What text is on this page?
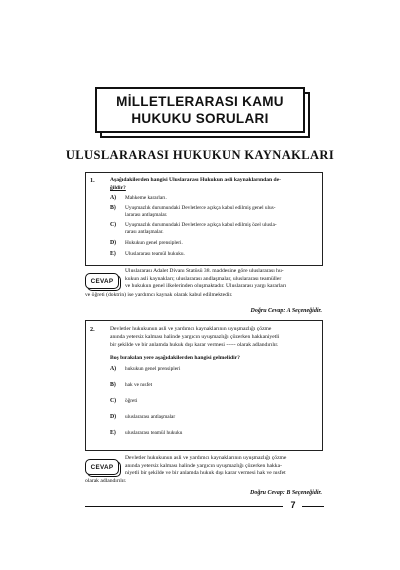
MİLLETLERARASI KAMU
HUKUKU SORULARI
ULUSLARARASI HUKUKUN KAYNAKLARI
1.	Aşağıdakilerden hangisi Uluslararası Hukukun asli kaynaklarından de-
ğildir?
A) Mahkeme kararları.
B) Uyuşmazlık durumundaki Devletlerce açıkça kabul edilmiş genel ulus-
lararası antlaşmalar.
C) Uyuşmazlık durumundaki Devletlerce açıkça kabul edilmiş özel ulusla-
rarası antlaşmalar.
D) Hukukun genel prensipleri.
E) Uluslararası teamül hukuku.
CEVAP
Uluslararası Adalet Divanı Statüsü 38. maddesine göre uluslararası hu-
kukun asli kaynakları; uluslararası andlaşmalar, uluslararası teamüller
ve hukukun genel ilkelerinden oluşmaktadır. Uluslararası yargı kararları
ve öğreti (doktrin) ise yardımcı kaynak olarak kabul edilmektedir.
Doğru Cevap: A Seçeneğidir.
2.	Devletler hukukunun asli ve yardımcı kaynaklarının uyuşmazlığı çözme
anında yetersiz kalması halinde yargıcın uyuşmazlığı çözerken hakkaniyetli
bir şekilde ve bir anlamda hukuk dışı karar vermesi ----- olarak adlandırılır.
Boş bırakılan yere aşağıdakilerden hangisi gelmelidir?
A) hukukun genel prensipleri
B) hak ve nısfet
C) öğreti
D) uluslararası antlaşmalar
E) uluslararası teamül hukuku
CEVAP
Devletler hukukunun asli ve yardımcı kaynaklarının uyuşmazlığı çözme
anında yetersiz kalması halinde yargıcın uyuşmazlığı çözerken hakka-
niyetli bir şekilde ve bir anlamda hukuk dışı karar vermesi hak ve nısfet
olarak adlandırılır.
Doğru Cevap: B Seçeneğidir.
7
